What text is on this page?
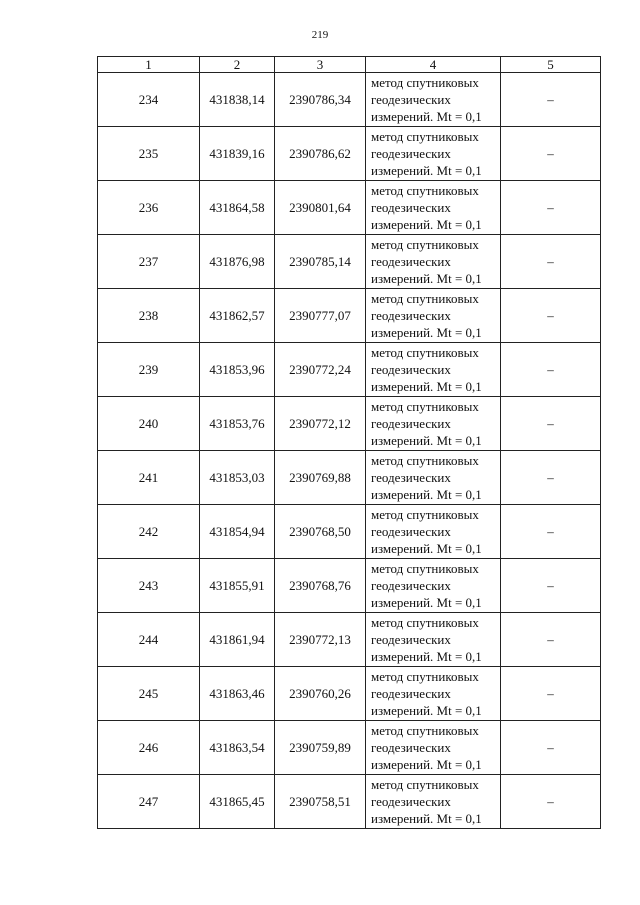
219
1	2	3	4	5
234	431838,14	2390786,34	метод спутниковых
геодезических
измерений. Mt = 0,1	–
235	431839,16	2390786,62	метод спутниковых
геодезических
измерений. Mt = 0,1	–
236	431864,58	2390801,64	метод спутниковых
геодезических
измерений. Mt = 0,1	–
237	431876,98	2390785,14	метод спутниковых
геодезических
измерений. Mt = 0,1	–
238	431862,57	2390777,07	метод спутниковых
геодезических
измерений. Mt = 0,1	–
239	431853,96	2390772,24	метод спутниковых
геодезических
измерений. Mt = 0,1	–
240	431853,76	2390772,12	метод спутниковых
геодезических
измерений. Mt = 0,1	–
241	431853,03	2390769,88	метод спутниковых
геодезических
измерений. Mt = 0,1	–
242	431854,94	2390768,50	метод спутниковых
геодезических
измерений. Mt = 0,1	–
243	431855,91	2390768,76	метод спутниковых
геодезических
измерений. Mt = 0,1	–
244	431861,94	2390772,13	метод спутниковых
геодезических
измерений. Mt = 0,1	–
245	431863,46	2390760,26	метод спутниковых
геодезических
измерений. Mt = 0,1	–
246	431863,54	2390759,89	метод спутниковых
геодезических
измерений. Mt = 0,1	–
247	431865,45	2390758,51	метод спутниковых
геодезических
измерений. Mt = 0,1	–
